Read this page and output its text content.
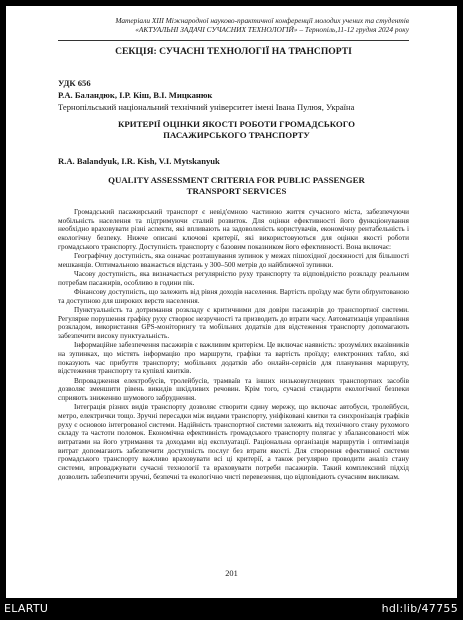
Матеріали XIII Міжнародної науково-практичної конференції молодих учених та студентів
«АКТУАЛЬНІ ЗАДАЧІ СУЧАСНИХ ТЕХНОЛОГІЙ» – Тернопіль,11-12 грудня 2024 року
СЕКЦІЯ: СУЧАСНІ ТЕХНОЛОГІЇ НА ТРАНСПОРТІ
УДК 656
Р.А. Баландюк, І.Р. Кіш, В.І. Мицканюк
Тернопільський національний технічний університет імені Івана Пулюя, Україна
КРИТЕРІЇ ОЦІНКИ ЯКОСТІ РОБОТИ ГРОМАДСЬКОГО ПАСАЖИРСЬКОГО ТРАНСПОРТУ
R.A. Balandyuk, I.R. Kish, V.I. Mytskanyuk
QUALITY ASSESSMENT CRITERIA FOR PUBLIC PASSENGER TRANSPORT SERVICES

Громадський пасажирський транспорт є невід'ємною частиною життя сучасного міста, забезпечуючи мобільність населення та підтримуючи сталий розвиток. Для оцінки ефективності його функціонування необхідно враховувати різні аспекти, які впливають на задоволеність користувачів, економічну рентабельність і екологічну безпеку. Нижче описані ключові критерії, які використовуються для оцінки якості роботи громадського транспорту. Доступність транспорту є базовим показником його ефективності. Вона включає:

Географічну доступність, яка означає розташування зупинок у межах пішохідної досяжності для більшості мешканців. Оптимальною вважається відстань у 300–500 метрів до найближчої зупинки.

Часову доступність, яка визначається регулярністю руху транспорту та відповідністю розкладу реальним потребам пасажирів, особливо в години пік.

Фінансову доступність, що залежить від рівня доходів населення. Вартість проїзду має бути обґрунтованою та доступною для широких верств населення.

Пунктуальність та дотримання розкладу є критичними для довіри пасажирів до транспортної системи. Регулярне порушення графіку руху створює незручності та призводить до втрати часу. Автоматизація управління розкладом, використання GPS-моніторингу та мобільних додатків для відстеження транспорту допомагають забезпечити високу пунктуальність.

Інформаційне забезпечення пасажирів є важливим критерієм. Це включає наявність: зрозумілих вказівників на зупинках, що містять інформацію про маршрути, графіки та вартість проїзду; електронних табло, які показують час прибуття транспорту; мобільних додатків або онлайн-сервісів для планування маршруту, відстеження транспорту та купівлі квитків.

Впровадження електробусів, тролейбусів, трамваїв та інших низьковуглецевих транспортних засобів дозволяє зменшити рівень викидів шкідливих речовин. Крім того, сучасні стандарти екологічної безпеки сприяють зниженню шумового забруднення.

Інтеграція різних видів транспорту дозволяє створити єдину мережу, що включає автобуси, тролейбуси, метро, електрички тощо. Зручні пересадки між видами транспорту, уніфіковані квитки та синхронізація графіків руху є основою інтегрованої системи. Надійність транспортної системи залежить від технічного стану рухомого складу та частоти поломок. Економічна ефективність громадського транспорту полягає у збалансованості між витратами на його утримання та доходами від експлуатації. Раціональна організація маршрутів і оптимізація витрат допомагають забезпечити доступність послуг без втрати якості. Для створення ефективної системи громадського транспорту важливо враховувати всі ці критерії, а також регулярно проводити аналіз стану системи, впроваджувати сучасні технології та враховувати потреби пасажирів. Такий комплексний підхід дозволить забезпечити зручні, безпечні та екологічно чисті перевезення, що відповідають сучасним викликам.

201
ELARTU	hdl:lib/47755
